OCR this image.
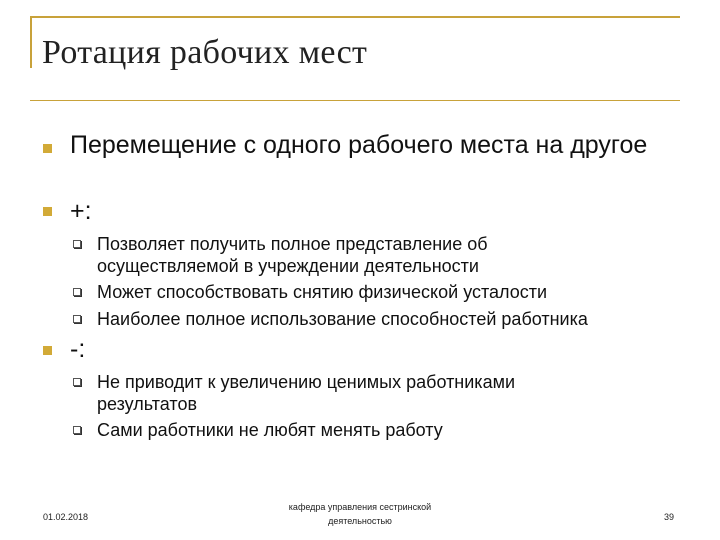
Ротация рабочих мест
Перемещение с одного рабочего места на другое
+:
Позволяет получить полное представление об осуществляемой в учреждении деятельности
Может способствовать снятию физической усталости
Наиболее полное использование способностей работника
-:
Не приводит к увеличению ценимых работниками результатов
Сами работники не любят менять работу
01.02.2018
кафедра управления сестринской деятельностью	39
